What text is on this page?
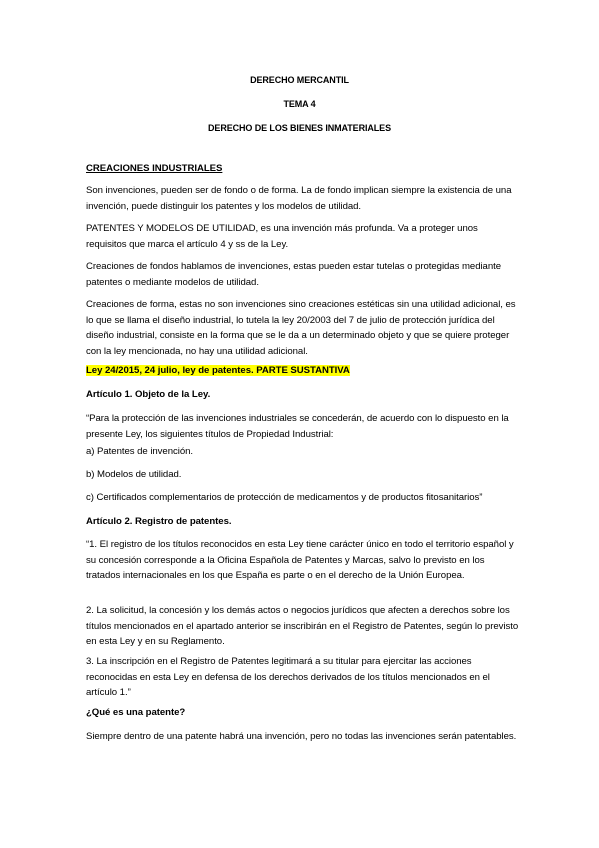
DERECHO MERCANTIL
TEMA 4
DERECHO DE LOS BIENES INMATERIALES
CREACIONES INDUSTRIALES
Son invenciones, pueden ser de fondo o de forma. La de fondo implican siempre la existencia de una invención, puede distinguir los patentes y los modelos de utilidad.
PATENTES Y MODELOS DE UTILIDAD, es una invención más profunda. Va a proteger unos requisitos que marca el artículo 4 y ss de la Ley.
Creaciones de fondos hablamos de invenciones, estas pueden estar tutelas o protegidas mediante patentes o mediante modelos de utilidad.
Creaciones de forma, estas no son invenciones sino creaciones estéticas sin una utilidad adicional, es lo que se llama el diseño industrial, lo tutela la ley 20/2003 del 7 de julio de protección jurídica del diseño industrial, consiste en la forma que se le da a un determinado objeto y que se quiere proteger con la ley mencionada, no hay una utilidad adicional.
Ley 24/2015, 24 julio, ley de patentes. PARTE SUSTANTIVA
Artículo 1. Objeto de la Ley.
“Para la protección de las invenciones industriales se concederán, de acuerdo con lo dispuesto en la presente Ley, los siguientes títulos de Propiedad Industrial:
a) Patentes de invención.
b) Modelos de utilidad.
c) Certificados complementarios de protección de medicamentos y de productos fitosanitarios”
Artículo 2. Registro de patentes.
“1. El registro de los títulos reconocidos en esta Ley tiene carácter único en todo el territorio español y su concesión corresponde a la Oficina Española de Patentes y Marcas, salvo lo previsto en los tratados internacionales en los que España es parte o en el derecho de la Unión Europea.
2. La solicitud, la concesión y los demás actos o negocios jurídicos que afecten a derechos sobre los títulos mencionados en el apartado anterior se inscribirán en el Registro de Patentes, según lo previsto en esta Ley y en su Reglamento.
3. La inscripción en el Registro de Patentes legitimará a su titular para ejercitar las acciones reconocidas en esta Ley en defensa de los derechos derivados de los títulos mencionados en el artículo 1.”
¿Qué es una patente?
Siempre dentro de una patente habrá una invención, pero no todas las invenciones serán patentables.
